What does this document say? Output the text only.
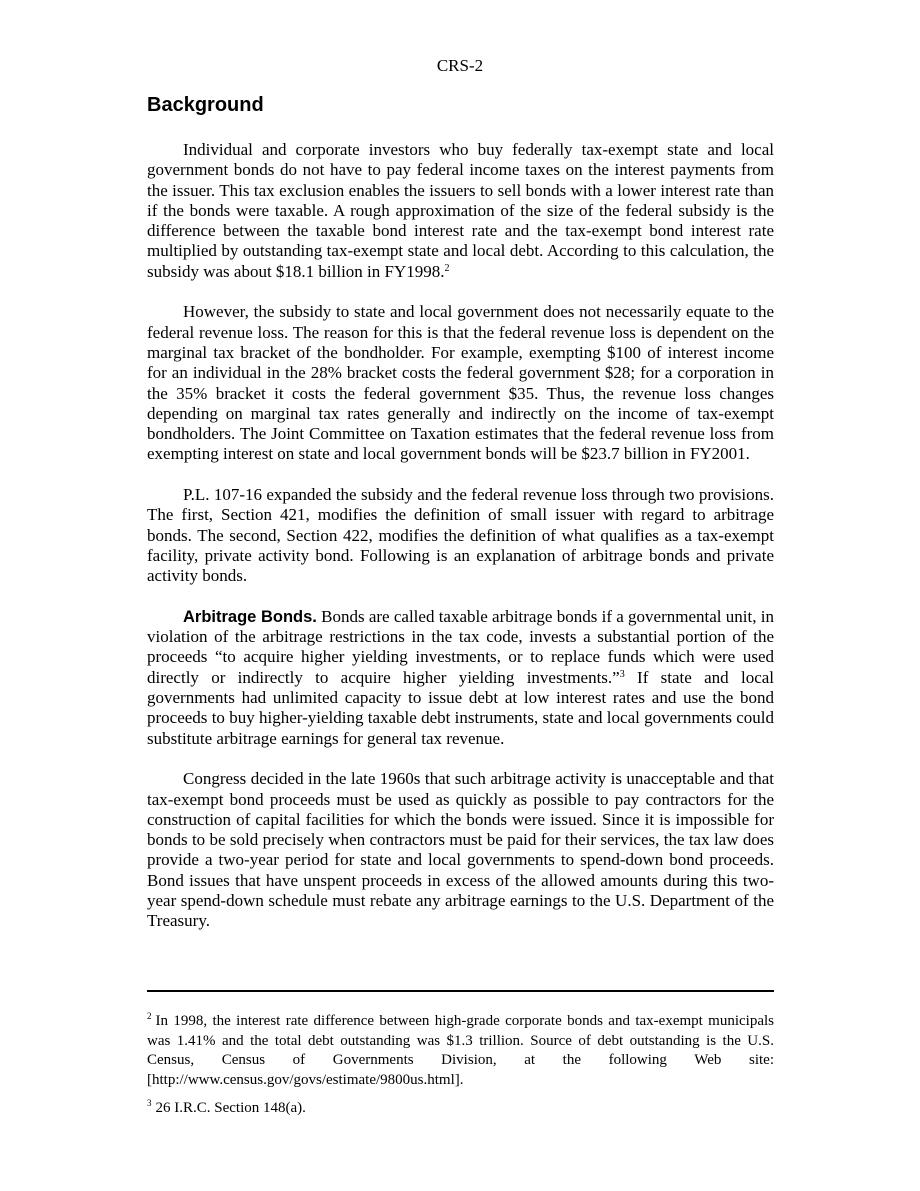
CRS-2
Background

Individual and corporate investors who buy federally tax-exempt state and local government bonds do not have to pay federal income taxes on the interest payments from the issuer. This tax exclusion enables the issuers to sell bonds with a lower interest rate than if the bonds were taxable. A rough approximation of the size of the federal subsidy is the difference between the taxable bond interest rate and the tax-exempt bond interest rate multiplied by outstanding tax-exempt state and local debt. According to this calculation, the subsidy was about $18.1 billion in FY1998.$^2$

However, the subsidy to state and local government does not necessarily equate to the federal revenue loss. The reason for this is that the federal revenue loss is dependent on the marginal tax bracket of the bondholder. For example, exempting $100 of interest income for an individual in the 28% bracket costs the federal government $28; for a corporation in the 35% bracket it costs the federal government $35. Thus, the revenue loss changes depending on marginal tax rates generally and indirectly on the income of tax-exempt bondholders. The Joint Committee on Taxation estimates that the federal revenue loss from exempting interest on state and local government bonds will be $23.7 billion in FY2001.

P.L. 107-16 expanded the subsidy and the federal revenue loss through two provisions. The first, Section 421, modifies the definition of small issuer with regard to arbitrage bonds. The second, Section 422, modifies the definition of what qualifies as a tax-exempt facility, private activity bond. Following is an explanation of arbitrage bonds and private activity bonds.

Arbitrage Bonds. Bonds are called taxable arbitrage bonds if a governmental unit, in violation of the arbitrage restrictions in the tax code, invests a substantial portion of the proceeds “to acquire higher yielding investments, or to replace funds which were used directly or indirectly to acquire higher yielding investments.”$^3$ If state and local governments had unlimited capacity to issue debt at low interest rates and use the bond proceeds to buy higher-yielding taxable debt instruments, state and local governments could substitute arbitrage earnings for general tax revenue.

Congress decided in the late 1960s that such arbitrage activity is unacceptable and that tax-exempt bond proceeds must be used as quickly as possible to pay contractors for the construction of capital facilities for which the bonds were issued. Since it is impossible for bonds to be sold precisely when contractors must be paid for their services, the tax law does provide a two-year period for state and local governments to spend-down bond proceeds. Bond issues that have unspent proceeds in excess of the allowed amounts during this two-year spend-down schedule must rebate any arbitrage earnings to the U.S. Department of the Treasury.

$^2$ In 1998, the interest rate difference between high-grade corporate bonds and tax-exempt municipals was 1.41% and the total debt outstanding was $1.3 trillion. Source of debt outstanding is the U.S. Census, Census of Governments Division, at the following Web site: [http://www.census.gov/govs/estimate/9800us.html].

$^3$ 26 I.R.C. Section 148(a).
